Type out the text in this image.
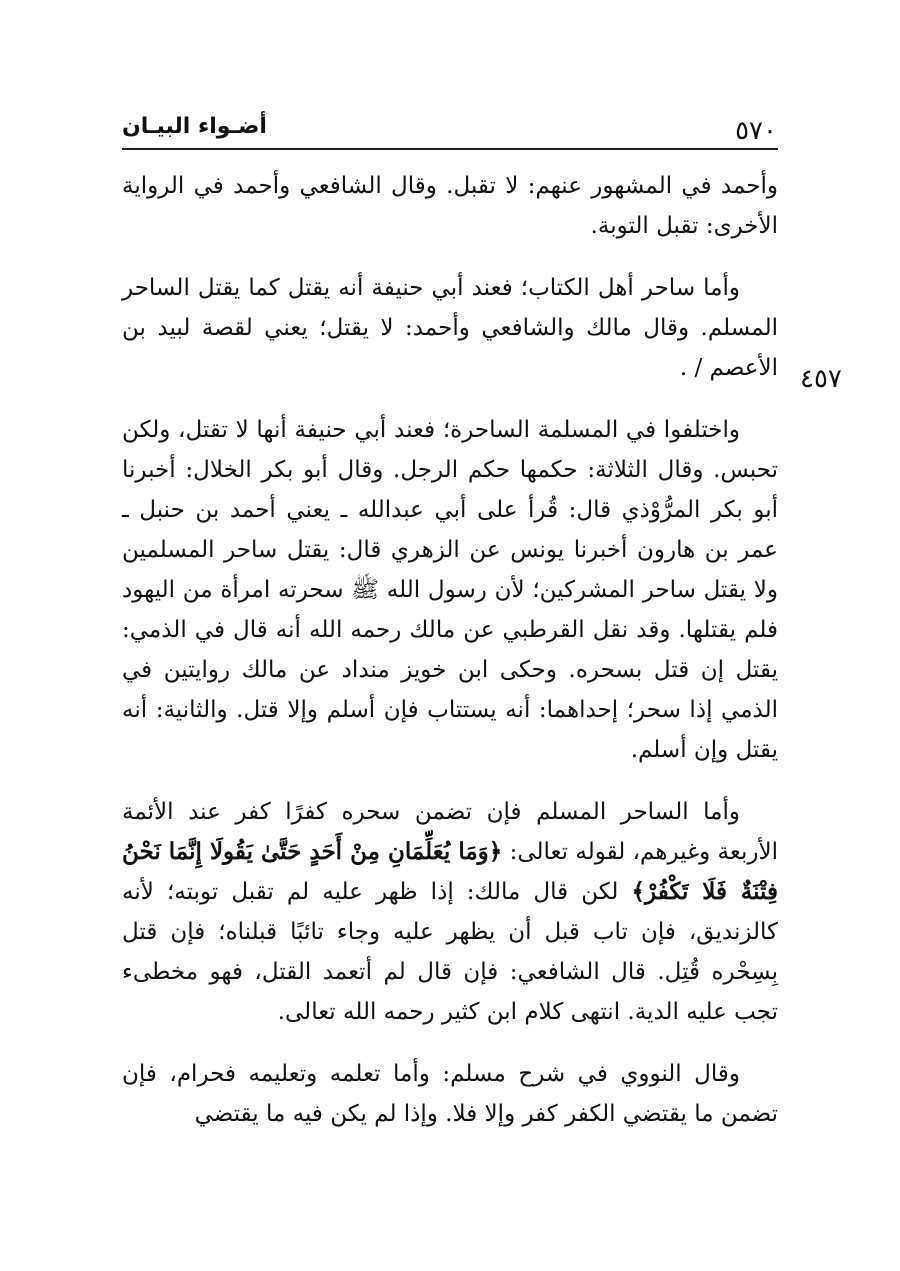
٥٧٠
أضـواء البيـان
٤٥٧

وأحمد في المشهور عنهم: لا تقبل. وقال الشافعي وأحمد في الرواية الأخرى: تقبل التوبة.

وأما ساحر أهل الكتاب؛ فعند أبي حنيفة أنه يقتل كما يقتل الساحر المسلم. وقال مالك والشافعي وأحمد: لا يقتل؛ يعني لقصة لبيد بن الأعصم / .

واختلفوا في المسلمة الساحرة؛ فعند أبي حنيفة أنها لا تقتل، ولكن تحبس. وقال الثلاثة: حكمها حكم الرجل. وقال أبو بكر الخلال: أخبرنا أبو بكر المرُّوْذي قال: قُرأ على أبي عبدالله ـ يعني أحمد بن حنبل ـ عمر بن هارون أخبرنا يونس عن الزهري قال: يقتل ساحر المسلمين ولا يقتل ساحر المشركين؛ لأن رسول الله ﷺ سحرته امرأة من اليهود فلم يقتلها. وقد نقل القرطبي عن مالك رحمه الله أنه قال في الذمي: يقتل إن قتل بسحره. وحكى ابن خويز منداد عن مالك روايتين في الذمي إذا سحر؛ إحداهما: أنه يستتاب فإن أسلم وإلا قتل. والثانية: أنه يقتل وإن أسلم.

وأما الساحر المسلم فإن تضمن سحره كفرًا كفر عند الأئمة الأربعة وغيرهم، لقوله تعالى: ﴿وَمَا يُعَلِّمَانِ مِنْ أَحَدٍ حَتَّىٰ يَقُولَا إِنَّمَا نَحْنُ فِتْنَةٌ فَلَا تَكْفُرْ﴾ لكن قال مالك: إذا ظهر عليه لم تقبل توبته؛ لأنه كالزنديق، فإن تاب قبل أن يظهر عليه وجاء تائبًا قبلناه؛ فإن قتل بِسِحْره قُتِل. قال الشافعي: فإن قال لم أتعمد القتل، فهو مخطىء تجب عليه الدية. انتهى كلام ابن كثير رحمه الله تعالى.

وقال النووي في شرح مسلم: وأما تعلمه وتعليمه فحرام، فإن تضمن ما يقتضي الكفر كفر وإلا فلا. وإذا لم يكن فيه ما يقتضي
